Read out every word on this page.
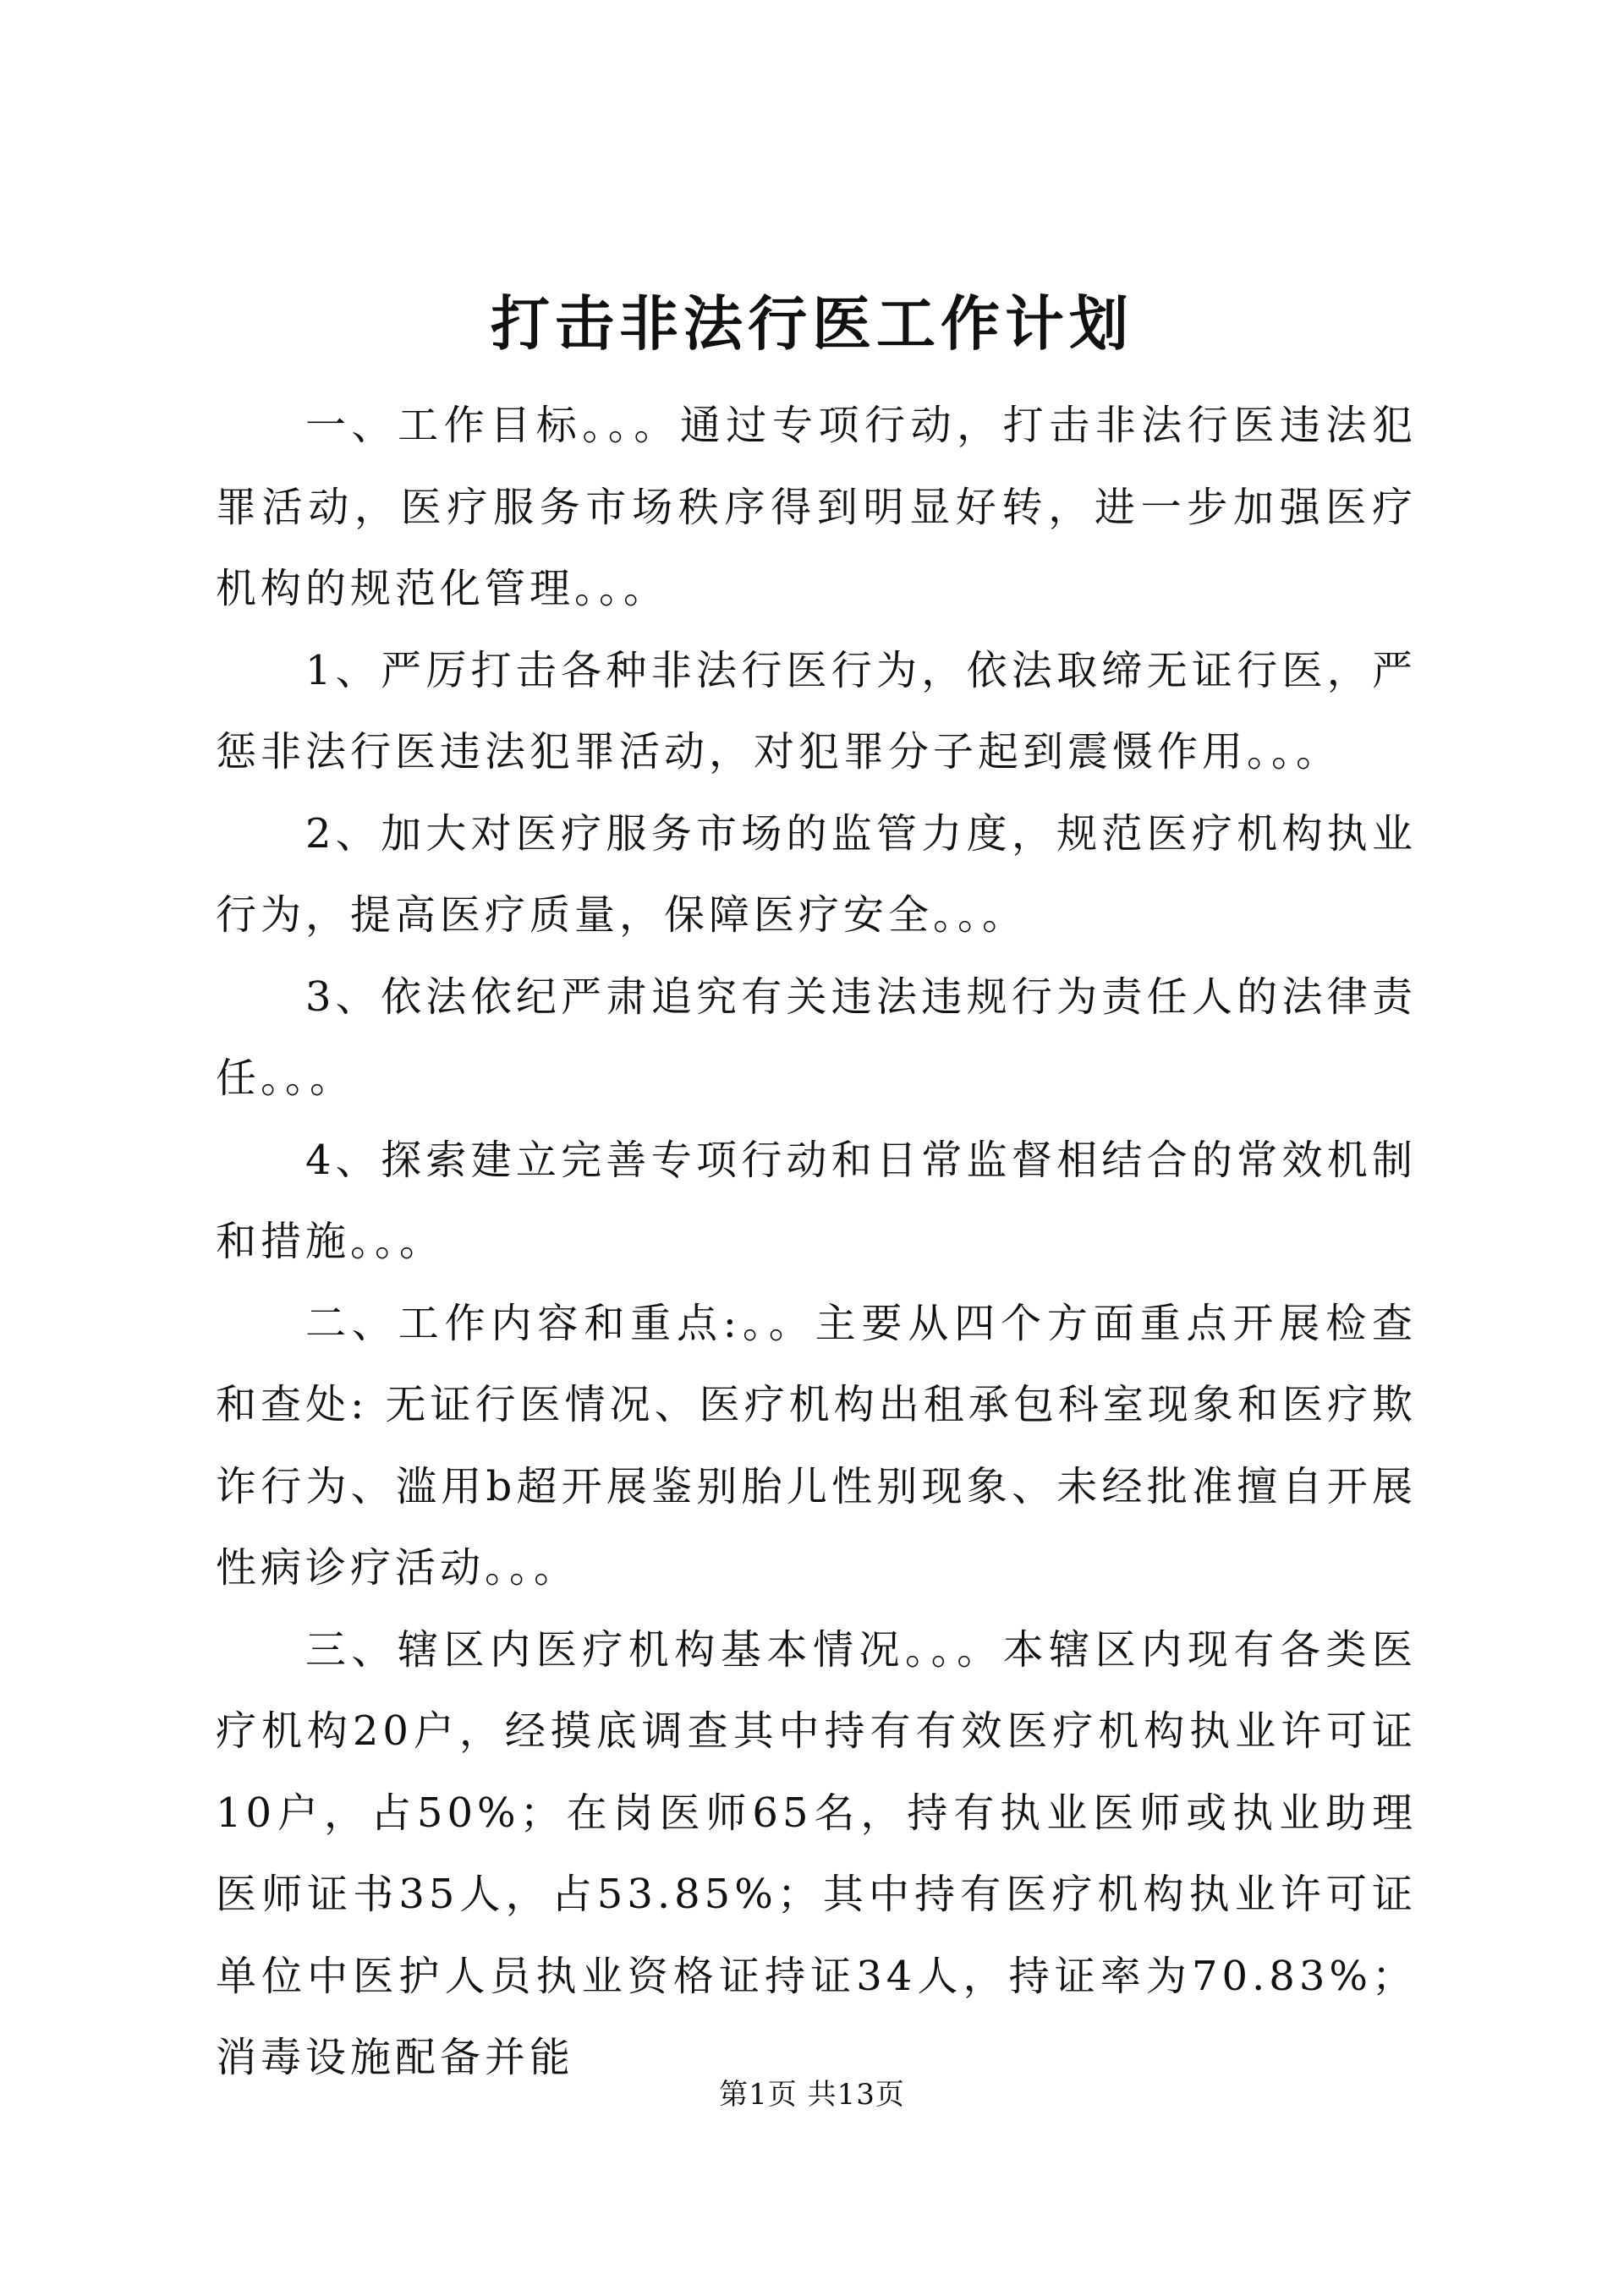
打击非法行医工作计划

一、工作目标。。。通过专项行动，打击非法行医违法犯罪活动，医疗服务市场秩序得到明显好转，进一步加强医疗机构的规范化管理。。。

1、严厉打击各种非法行医行为，依法取缔无证行医，严惩非法行医违法犯罪活动，对犯罪分子起到震慑作用。。。

2、加大对医疗服务市场的监管力度，规范医疗机构执业行为，提高医疗质量，保障医疗安全。。。

3、依法依纪严肃追究有关违法违规行为责任人的法律责任。。。

4、探索建立完善专项行动和日常监督相结合的常效机制和措施。。。

二、工作内容和重点:。。主要从四个方面重点开展检查和查处: 无证行医情况、医疗机构出租承包科室现象和医疗欺诈行为、滥用b超开展鉴别胎儿性别现象、未经批准擅自开展性病诊疗活动。。。

三、辖区内医疗机构基本情况。。。本辖区内现有各类医疗机构20户，经摸底调查其中持有有效医疗机构执业许可证10户，占50%；在岗医师65名，持有执业医师或执业助理医师证书35人，占53.85%；其中持有医疗机构执业许可证单位中医护人员执业资格证持证34人，持证率为70.83%；消毒设施配备并能

第1页 共13页
